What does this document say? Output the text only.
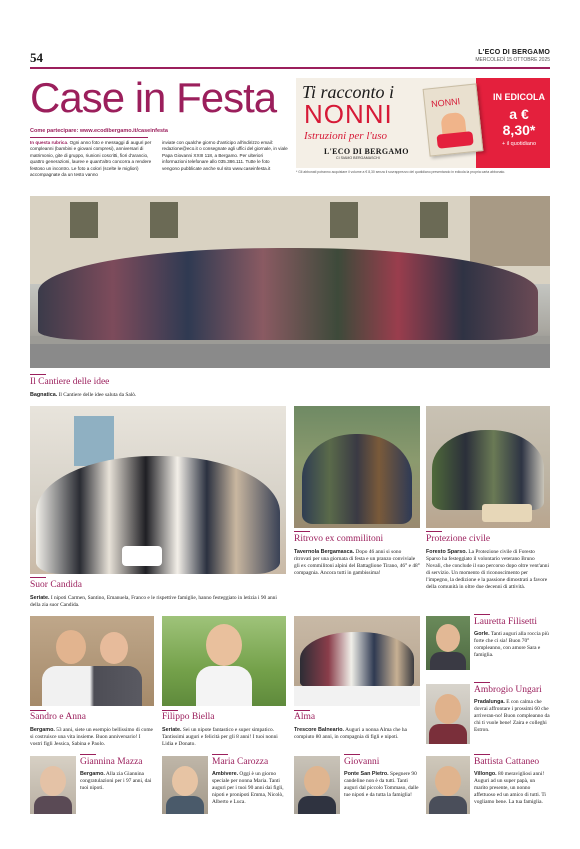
54	L'ECO DI BERGAMO
MERCOLEDÌ 15 OTTOBRE 2025
Case in Festa
Come partecipare: www.ecodibergamo.it/caseinfesta
In questa rubrica. Ogni anno foto e messaggi di auguri per compleanni (bambini e giovani compresi), anniversari di matrimonio, gite di gruppo, riunioni coscritti, fiori d'arancio, quattro generazioni, lauree e quant'altro concorra a rendere festoso un incontro. Le foto a colori (scelte le migliori) accompagnate da un testo vanno
inviate con qualche giorno d'anticipo all'indirizzo email: redazione@eco.it o consegnate agli uffici del giornale, in viale Papa Giovanni XXIII 118, a Bergamo. Per ulteriori informazioni telefonare allo 035.386.111. Tutte le foto vengono pubblicate anche sul sito www.caseinfesta.it
Ti racconto i
NONNI
Istruzioni per l'uso
L'ECO DI BERGAMO
CI SIAMO BERGAMASCHI
NONNI	IN EDICOLA
a € 8,30*
+ il quotidiano
* Gli abbonati potranno acquistare il volume a € 8,30 senza il sovrapprezzo del quotidiano presentando in edicola la propria carta abbonato.
Il Cantiere delle idee
Bagnatica. Il Cantiere delle idee saluta da Salò.
Suor Candida
Seriate. I nipoti Carmen, Santino, Emanuela, Franco e le rispettive famiglie, hanno festeggiato in letizia i 90 anni della zia suor Candida.
Ritrovo ex commilitoni
Tavernola Bergamasca. Dopo 46 anni si sono ritrovati per una giornata di festa e un pranzo conviviale gli ex commilitoni alpini del Battaglione Tirano, 46° e 48° compagnia. Ancora tutti in gambissima!
Protezione civile
Foresto Sparso. La Protezione civile di Foresto Sparso ha festeggiato il volontario veterano Bruno Novali, che conclude il suo percorso dopo oltre vent'anni di servizio. Un momento di riconoscimento per l'impegno, la dedizione e la passione dimostrati a favore della comunità in oltre due decenni di attività.
Sandro e Anna
Bergamo. 53 anni, siete un esempio bellissimo di come si costruisce una vita insieme. Buon anniversario! I vostri figli Jessica, Sabina e Paolo.
Filippo Biella
Seriate. Sei un nipote fantastico e super simpatico. Tantissimi auguri e felicità per gli 8 anni! I tuoi nonni Lidia e Donato.
Alma
Trescore Balneario. Auguri a nonna Alma che ha compiuto 80 anni, in compagnia di figli e nipoti.
Lauretta Filisetti
Gorle. Tanti auguri alla roccia più forte che ci sia! Buon 70° compleanno, con amore Sara e famiglia.
Ambrogio Ungari
Pradalunga. E con calma che dovrai affrontare i prossimi 60 che arriveran-no! Buon compleanno da chi ti vuole bene! Zaira e colleghi Estron.
Giannina Mazza
Bergamo. Alla zia Giannina congratulazioni per i 97 anni, dai tuoi nipoti.
Maria Carozza
Ambivere. Oggi è un giorno speciale per nonna Maria. Tanti auguri per i tuoi 90 anni dai figli, nipoti e pronipoti Emma, Nicolò, Alberto e Luca.
Giovanni
Ponte San Pietro. Spegnere 90 candeline non è da tutti. Tanti auguri dal piccolo Tommaso, dalle tue nipoti e da tutta la famiglia!
Battista Cattaneo
Villongo. 80 meravigliosi anni! Auguri ad un super papà, un marito presente, un nonno affettuoso ed un amico di tutti. Ti vogliamo bene. La tua famiglia.
